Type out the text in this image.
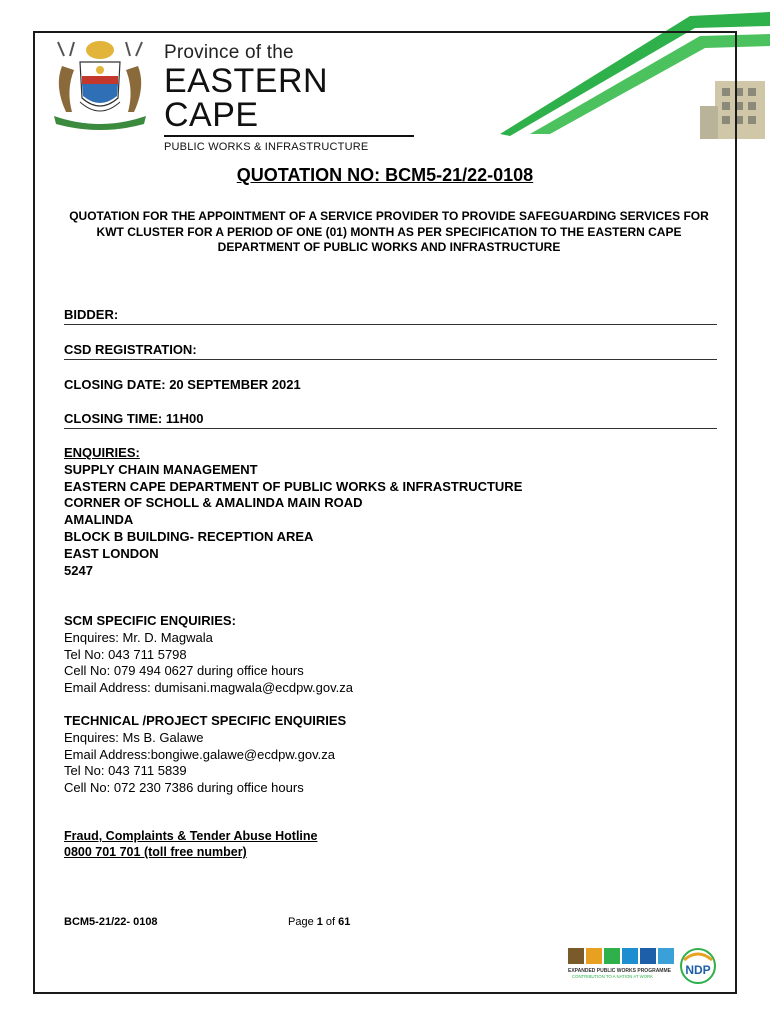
Province of the
EASTERN CAPE
PUBLIC WORKS & INFRASTRUCTURE
QUOTATION NO: BCM5-21/22-0108
QUOTATION FOR THE APPOINTMENT OF A SERVICE PROVIDER TO PROVIDE SAFEGUARDING SERVICES FOR KWT CLUSTER FOR A PERIOD OF ONE (01) MONTH AS PER SPECIFICATION TO THE EASTERN CAPE DEPARTMENT OF PUBLIC WORKS AND INFRASTRUCTURE
BIDDER:
CSD REGISTRATION:
CLOSING DATE: 20 SEPTEMBER 2021
CLOSING TIME: 11H00
ENQUIRIES:
SUPPLY CHAIN MANAGEMENT
EASTERN CAPE DEPARTMENT OF PUBLIC WORKS & INFRASTRUCTURE
CORNER OF SCHOLL & AMALINDA MAIN ROAD
AMALINDA
BLOCK B BUILDING- RECEPTION AREA
EAST LONDON
5247
SCM SPECIFIC ENQUIRIES:
Enquires: Mr. D. Magwala
Tel No: 043 711 5798
Cell No: 079 494 0627 during office hours
Email Address: dumisani.magwala@ecdpw.gov.za
TECHNICAL /PROJECT SPECIFIC ENQUIRIES
Enquires: Ms B. Galawe
Email Address:bongiwe.galawe@ecdpw.gov.za
Tel No: 043 711 5839
Cell No: 072 230 7386 during office hours
Fraud, Complaints & Tender Abuse Hotline
0800 701 701 (toll free number)
BCM5-21/22- 0108	Page 1 of 61
EXPANDED PUBLIC WORKS PROGRAMME
CONTRIBUTION TO A NATION AT WORK	NDP
